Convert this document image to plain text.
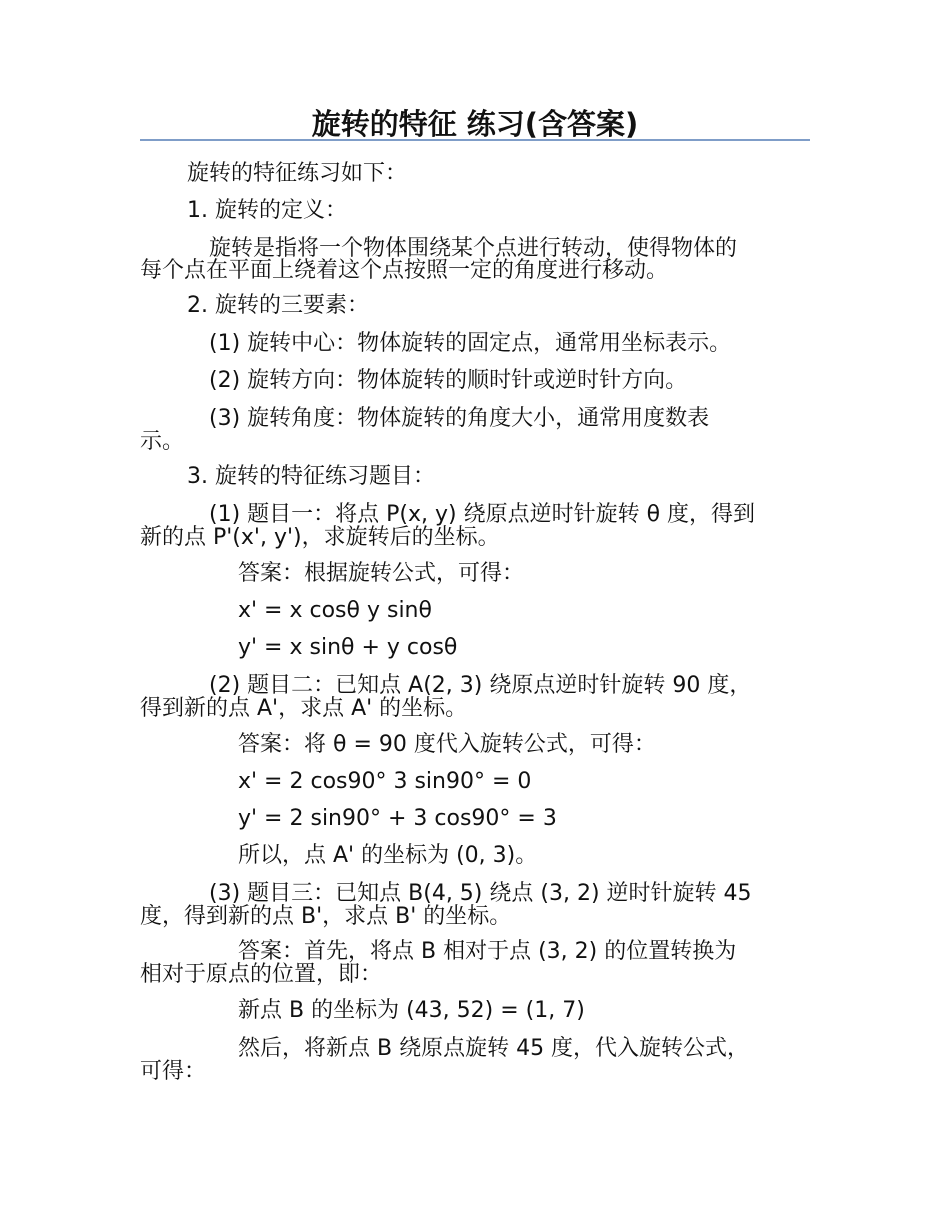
旋转的特征 练习(含答案)
旋转的特征练习如下：
1. 旋转的定义：
旋转是指将一个物体围绕某个点进行转动，使得物体的
每个点在平面上绕着这个点按照一定的角度进行移动。
2. 旋转的三要素：
(1) 旋转中心：物体旋转的固定点，通常用坐标表示。
(2) 旋转方向：物体旋转的顺时针或逆时针方向。
(3) 旋转角度：物体旋转的角度大小，通常用度数表
示。
3. 旋转的特征练习题目：
(1) 题目一：将点 P(x, y) 绕原点逆时针旋转 θ 度，得到
新的点 P'(x', y')，求旋转后的坐标。
答案：根据旋转公式，可得：
x' = x cosθ y sinθ
y' = x sinθ + y cosθ
(2) 题目二：已知点 A(2, 3) 绕原点逆时针旋转 90 度，
得到新的点 A'，求点 A' 的坐标。
答案：将 θ = 90 度代入旋转公式，可得：
x' = 2 cos90° 3 sin90° = 0
y' = 2 sin90° + 3 cos90° = 3
所以，点 A' 的坐标为 (0, 3)。
(3) 题目三：已知点 B(4, 5) 绕点 (3, 2) 逆时针旋转 45
度，得到新的点 B'，求点 B' 的坐标。
答案：首先，将点 B 相对于点 (3, 2) 的位置转换为
相对于原点的位置，即：
新点 B 的坐标为 (43, 52) = (1, 7)
然后，将新点 B 绕原点旋转 45 度，代入旋转公式，
可得：
